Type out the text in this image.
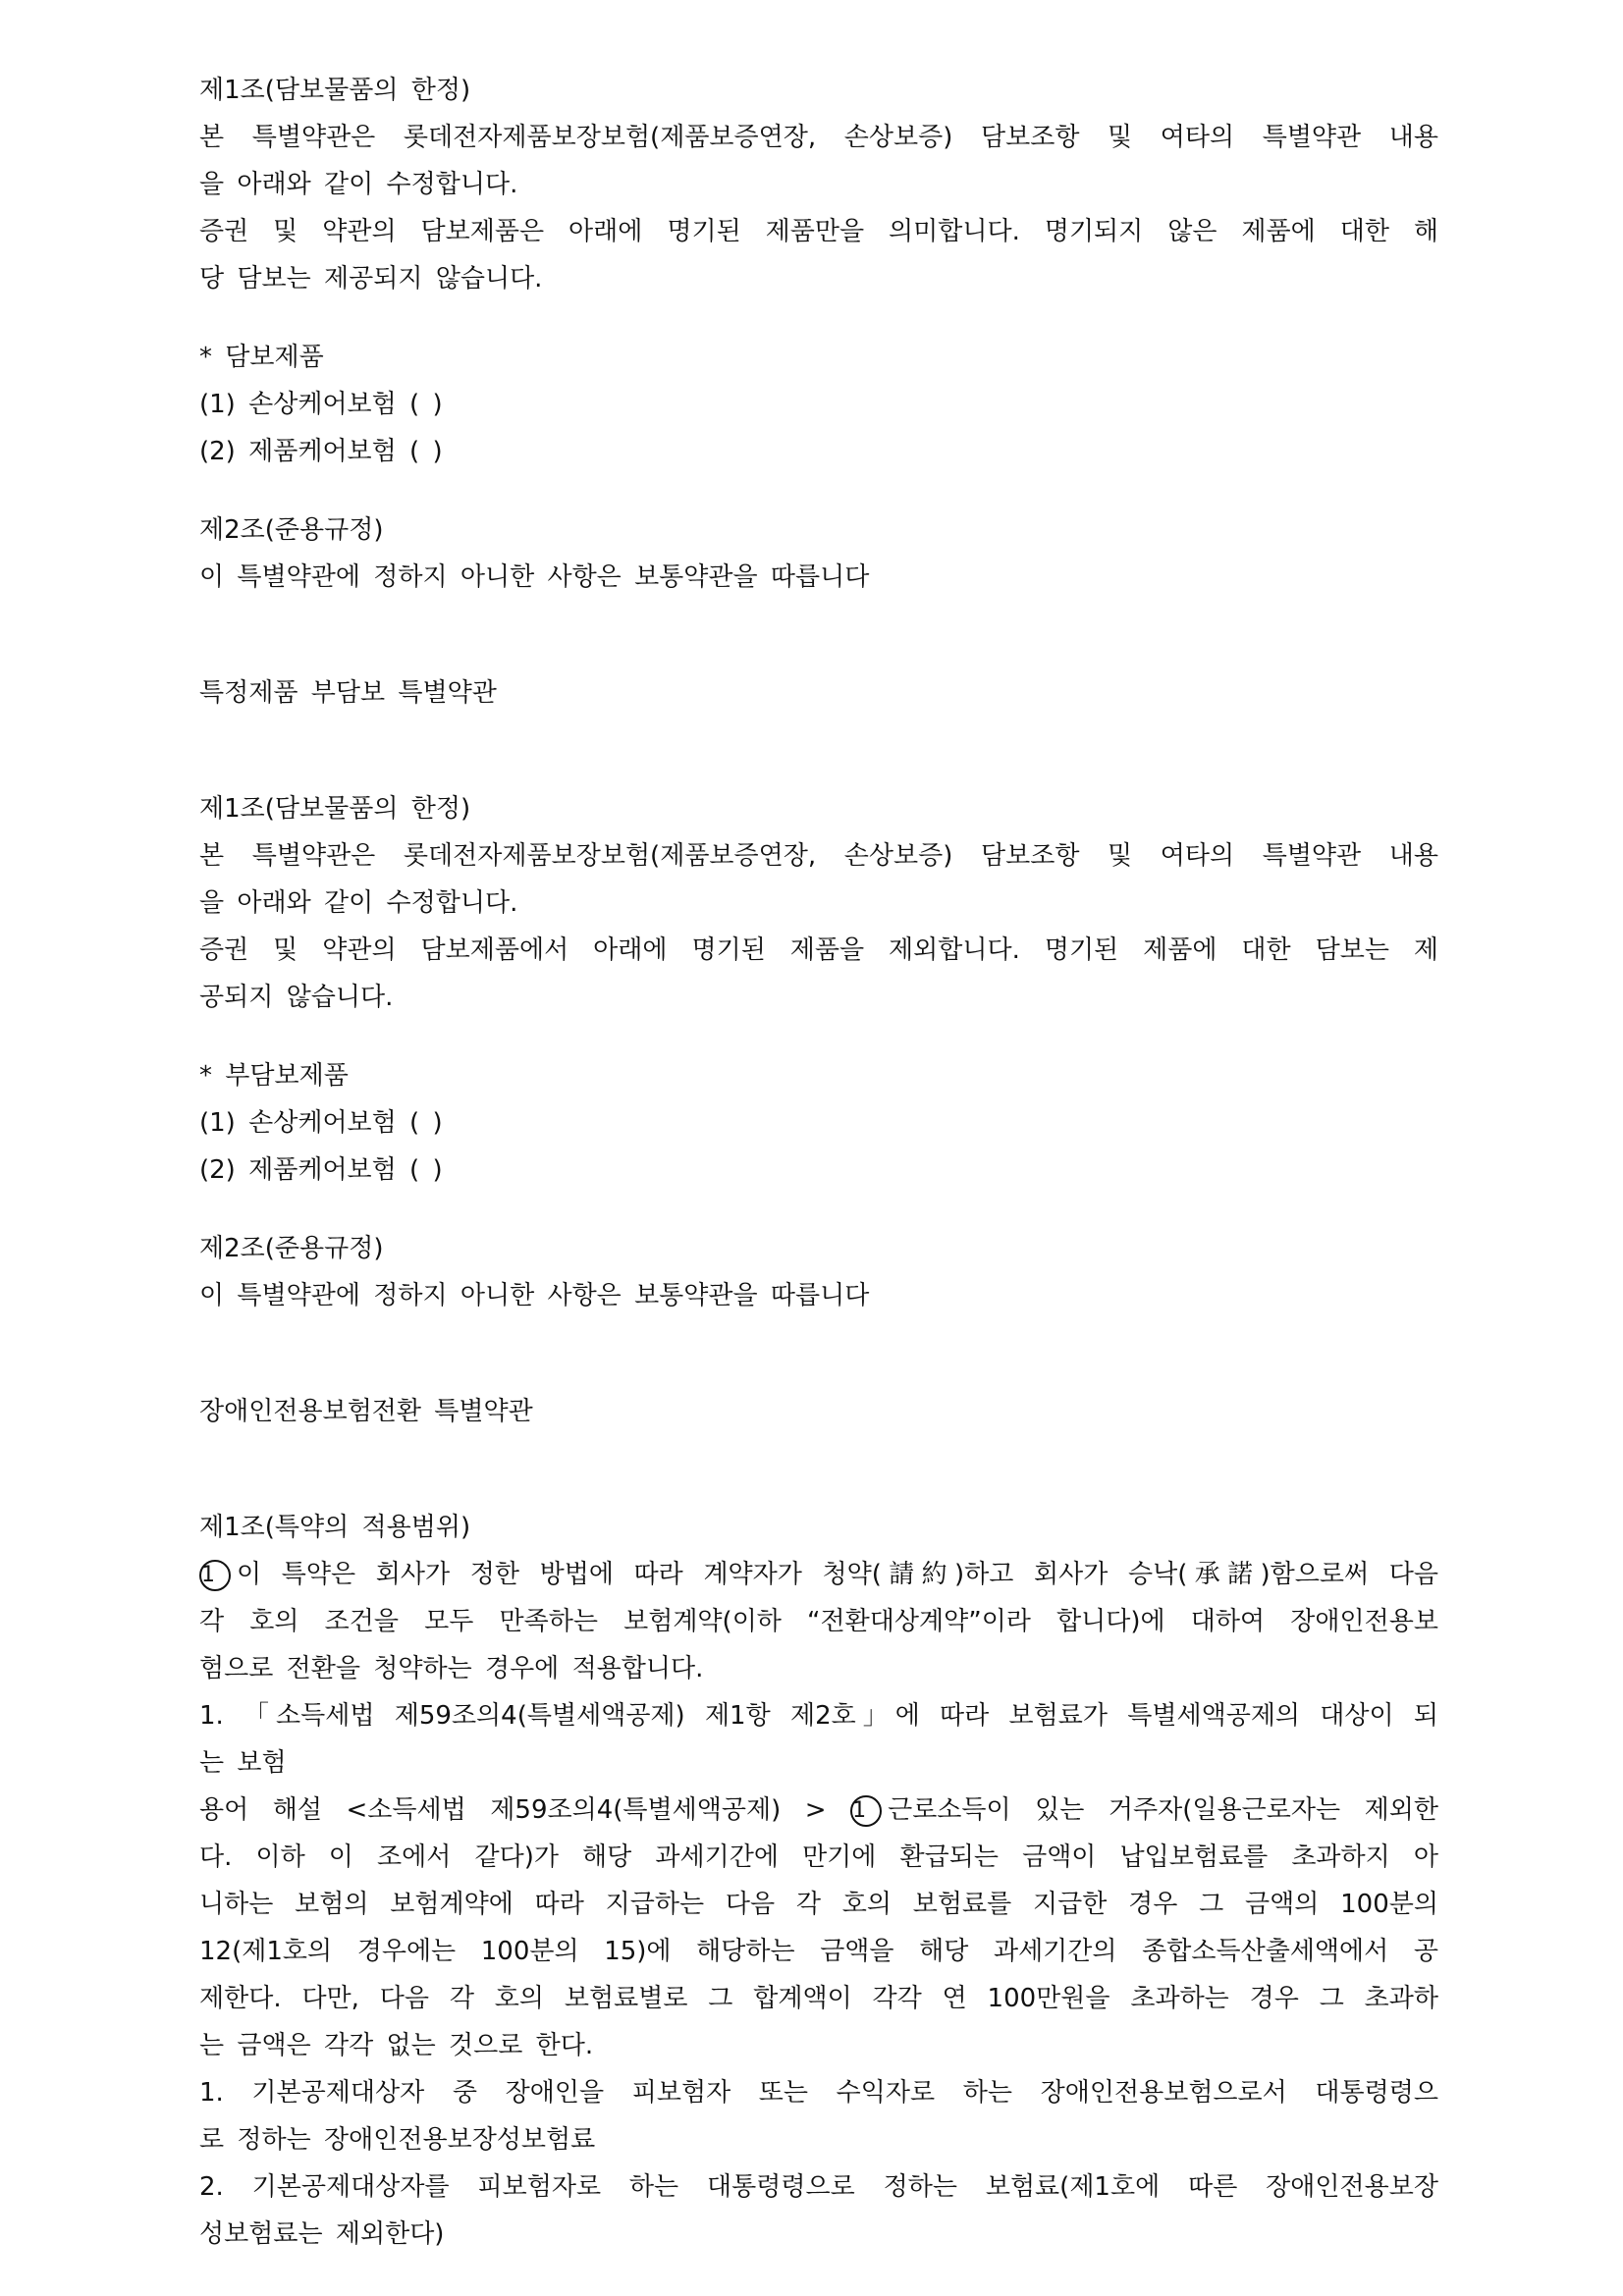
제1조(담보물품의 한정)
본 특별약관은 롯데전자제품보장보험(제품보증연장, 손상보증) 담보조항 및 여타의 특별약관 내용
을 아래와 같이 수정합니다.
증권 및 약관의 담보제품은 아래에 명기된 제품만을 의미합니다. 명기되지 않은 제품에 대한 해
당 담보는 제공되지 않습니다.
* 담보제품
(1) 손상케어보험 ( )
(2) 제품케어보험 ( )
제2조(준용규정)
이 특별약관에 정하지 아니한 사항은 보통약관을 따릅니다
특정제품 부담보 특별약관
제1조(담보물품의 한정)
본 특별약관은 롯데전자제품보장보험(제품보증연장, 손상보증) 담보조항 및 여타의 특별약관 내용
을 아래와 같이 수정합니다.
증권 및 약관의 담보제품에서 아래에 명기된 제품을 제외합니다. 명기된 제품에 대한 담보는 제
공되지 않습니다.
* 부담보제품
(1) 손상케어보험 ( )
(2) 제품케어보험 ( )
제2조(준용규정)
이 특별약관에 정하지 아니한 사항은 보통약관을 따릅니다
장애인전용보험전환 특별약관
제1조(특약의 적용범위)
1 이 특약은 회사가 정한 방법에 따라 계약자가 청약(請約)하고 회사가 승낙(承諾)함으로써 다음
각 호의 조건을 모두 만족하는 보험계약(이하 “전환대상계약”이라 합니다)에 대하여 장애인전용보
험으로 전환을 청약하는 경우에 적용합니다.
1. 「소득세법 제59조의4(특별세액공제) 제1항 제2호」에 따라 보험료가 특별세액공제의 대상이 되
는 보험
용어 해설 <소득세법 제59조의4(특별세액공제) > 1 근로소득이 있는 거주자(일용근로자는 제외한
다. 이하 이 조에서 같다)가 해당 과세기간에 만기에 환급되는 금액이 납입보험료를 초과하지 아
니하는 보험의 보험계약에 따라 지급하는 다음 각 호의 보험료를 지급한 경우 그 금액의 100분의
12(제1호의 경우에는 100분의 15)에 해당하는 금액을 해당 과세기간의 종합소득산출세액에서 공
제한다. 다만, 다음 각 호의 보험료별로 그 합계액이 각각 연 100만원을 초과하는 경우 그 초과하
는 금액은 각각 없는 것으로 한다.
1. 기본공제대상자 중 장애인을 피보험자 또는 수익자로 하는 장애인전용보험으로서 대통령령으
로 정하는 장애인전용보장성보험료
2. 기본공제대상자를 피보험자로 하는 대통령령으로 정하는 보험료(제1호에 따른 장애인전용보장
성보험료는 제외한다)
